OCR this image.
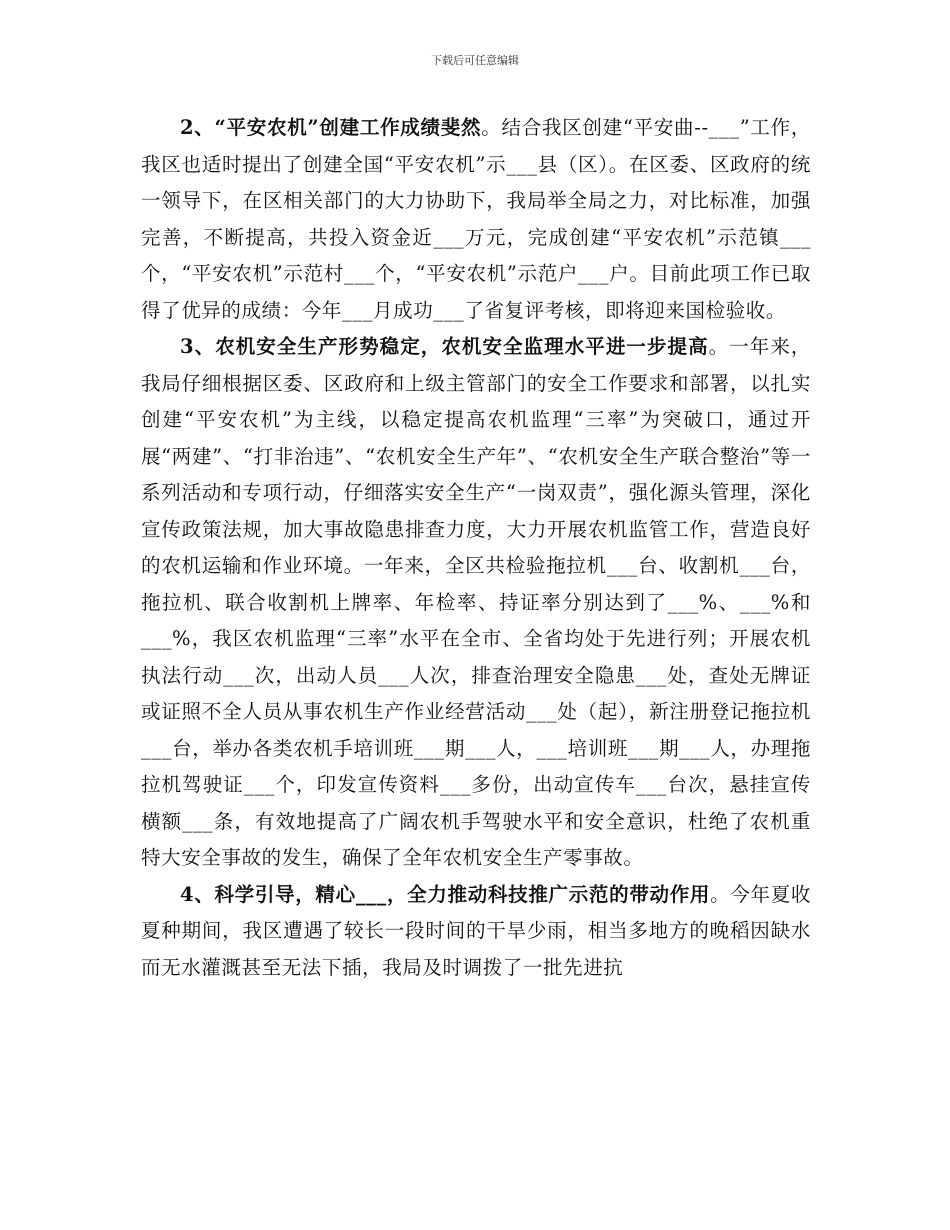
下载后可任意编辑

2、“平安农机”创建工作成绩斐然。结合我区创建“平安曲--___”工作，我区也适时提出了创建全国“平安农机”示___县（区）。在区委、区政府的统一领导下，在区相关部门的大力协助下，我局举全局之力，对比标准，加强完善，不断提高，共投入资金近___万元，完成创建“平安农机”示范镇___个，“平安农机”示范村___个，“平安农机”示范户___户。目前此项工作已取得了优异的成绩：今年___月成功___了省复评考核，即将迎来国检验收。

3、农机安全生产形势稳定，农机安全监理水平进一步提高。一年来，我局仔细根据区委、区政府和上级主管部门的安全工作要求和部署，以扎实创建“平安农机”为主线，以稳定提高农机监理“三率”为突破口，通过开展“两建”、“打非治违”、“农机安全生产年”、“农机安全生产联合整治”等一系列活动和专项行动，仔细落实安全生产“一岗双责”，强化源头管理，深化宣传政策法规，加大事故隐患排查力度，大力开展农机监管工作，营造良好的农机运输和作业环境。一年来，全区共检验拖拉机___台、收割机___台，拖拉机、联合收割机上牌率、年检率、持证率分别达到了___%、___%和___%，我区农机监理“三率”水平在全市、全省均处于先进行列；开展农机执法行动___次，出动人员___人次，排查治理安全隐患___处，查处无牌证或证照不全人员从事农机生产作业经营活动___处（起），新注册登记拖拉机___台，举办各类农机手培训班___期___人，___培训班___期___人，办理拖拉机驾驶证___个，印发宣传资料___多份，出动宣传车___台次，悬挂宣传横额___条，有效地提高了广阔农机手驾驶水平和安全意识，杜绝了农机重特大安全事故的发生，确保了全年农机安全生产零事故。

4、科学引导，精心___，全力推动科技推广示范的带动作用。今年夏收夏种期间，我区遭遇了较长一段时间的干旱少雨，相当多地方的晚稻因缺水而无水灌溉甚至无法下插，我局及时调拨了一批先进抗
